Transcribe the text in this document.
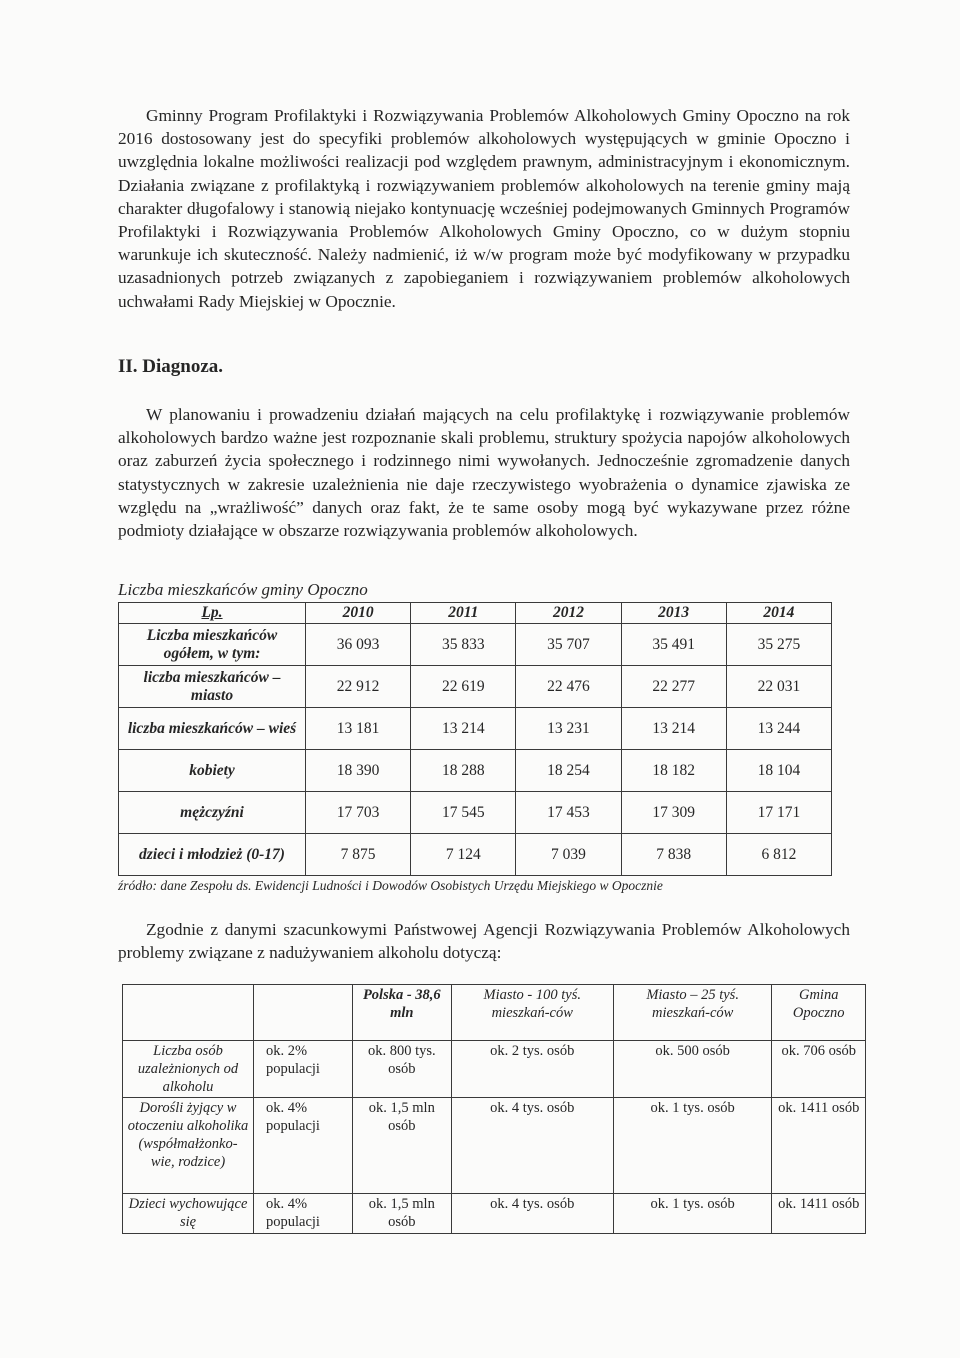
Gminny Program Profilaktyki i Rozwiązywania Problemów Alkoholowych Gminy Opoczno na rok 2016 dostosowany jest do specyfiki problemów alkoholowych występujących w gminie Opoczno i uwzględnia lokalne możliwości realizacji pod względem prawnym, administracyjnym i ekonomicznym. Działania związane z profilaktyką i rozwiązywaniem problemów alkoholowych na terenie gminy mają charakter długofalowy i stanowią niejako kontynuację wcześniej podejmowanych Gminnych Programów Profilaktyki i Rozwiązywania Problemów Alkoholowych Gminy Opoczno, co w dużym stopniu warunkuje ich skuteczność. Należy nadmienić, iż w/w program może być modyfikowany w przypadku uzasadnionych potrzeb związanych z zapobieganiem i rozwiązywaniem problemów alkoholowych uchwałami Rady Miejskiej w Opocznie.

II. Diagnoza.

W planowaniu i prowadzeniu działań mających na celu profilaktykę i rozwiązywanie problemów alkoholowych bardzo ważne jest rozpoznanie skali problemu, struktury spożycia napojów alkoholowych oraz zaburzeń życia społecznego i rodzinnego nimi wywołanych. Jednocześnie zgromadzenie danych statystycznych w zakresie uzależnienia nie daje rzeczywistego wyobrażenia o dynamice zjawiska ze względu na „wrażliwość” danych oraz fakt, że te same osoby mogą być wykazywane przez różne podmioty działające w obszarze rozwiązywania problemów alkoholowych.

Liczba mieszkańców gminy Opoczno

Lp.	2010	2011	2012	2013	2014
Liczba mieszkańców ogółem, w tym:	36 093	35 833	35 707	35 491	35 275
liczba mieszkańców – miasto	22 912	22 619	22 476	22 277	22 031
liczba mieszkańców – wieś	13 181	13 214	13 231	13 214	13 244
kobiety	18 390	18 288	18 254	18 182	18 104
mężczyźni	17 703	17 545	17 453	17 309	17 171
dzieci i młodzież (0-17)	7 875	7 124	7 039	7 838	6 812

źródło: dane Zespołu ds. Ewidencji Ludności i Dowodów Osobistych Urzędu Miejskiego w Opocznie

Zgodnie z danymi szacunkowymi Państwowej Agencji Rozwiązywania Problemów Alkoholowych problemy związane z nadużywaniem alkoholu dotyczą:

		Polska - 38,6 mln	Miasto - 100 tyś. mieszkań-ców	Miasto – 25 tyś. mieszkań-ców	Gmina Opoczno
Liczba osób uzależnionych od alkoholu	ok. 2% populacji	ok. 800 tys. osób	ok. 2 tys. osób	ok. 500 osób	ok. 706 osób
Dorośli żyjący w otoczeniu alkoholika (współmałżonko-wie, rodzice)	ok. 4% populacji	ok. 1,5 mln osób	ok. 4 tys. osób	ok. 1 tys. osób	ok. 1411 osób
Dzieci wychowujące się	ok. 4% populacji	ok. 1,5 mln osób	ok. 4 tys. osób	ok. 1 tys. osób	ok. 1411 osób
